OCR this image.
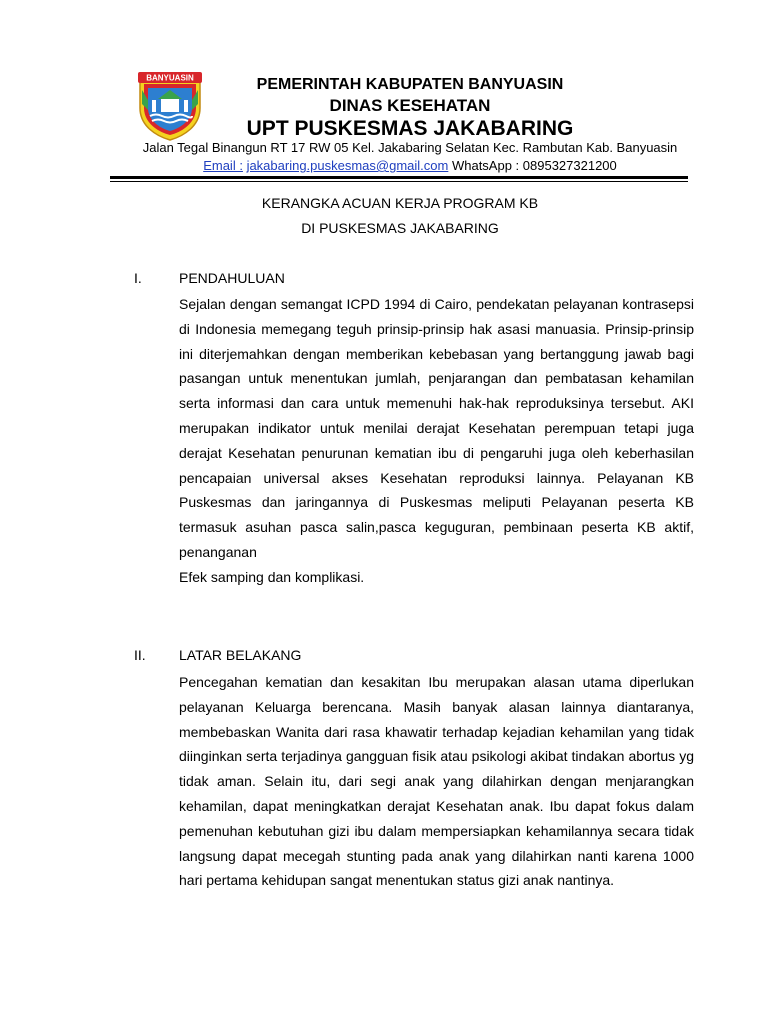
BANYUASIN	PEMERINTAH KABUPATEN BANYUASIN
DINAS KESEHATAN
UPT PUSKESMAS JAKABARING
Jalan Tegal Binangun RT 17 RW 05 Kel. Jakabaring Selatan Kec. Rambutan Kab. Banyuasin
Email : jakabaring.puskesmas@gmail.com WhatsApp : 0895327321200
KERANGKA ACUAN KERJA PROGRAM KB
DI PUSKESMAS JAKABARING
I.	PENDAHULUAN

Sejalan dengan semangat ICPD 1994 di Cairo, pendekatan pelayanan kontrasepsi di Indonesia memegang teguh prinsip-prinsip hak asasi manuasia. Prinsip-prinsip ini diterjemahkan dengan memberikan kebebasan yang bertanggung jawab bagi pasangan untuk menentukan jumlah, penjarangan dan pembatasan kehamilan serta informasi dan cara untuk memenuhi hak-hak reproduksinya tersebut. AKI merupakan indikator untuk menilai derajat Kesehatan perempuan tetapi juga derajat Kesehatan penurunan kematian ibu di pengaruhi juga oleh keberhasilan pencapaian universal akses Kesehatan reproduksi lainnya. Pelayanan KB Puskesmas dan jaringannya di Puskesmas meliputi Pelayanan peserta KB termasuk asuhan pasca salin,pasca keguguran, pembinaan peserta KB aktif, penanganan

Efek samping dan komplikasi.

II. LATAR BELAKANG

Pencegahan kematian dan kesakitan Ibu merupakan alasan utama diperlukan pelayanan Keluarga berencana. Masih banyak alasan lainnya diantaranya, membebaskan Wanita dari rasa khawatir terhadap kejadian kehamilan yang tidak diinginkan serta terjadinya gangguan fisik atau psikologi akibat tindakan abortus yg tidak aman. Selain itu, dari segi anak yang dilahirkan dengan menjarangkan kehamilan, dapat meningkatkan derajat Kesehatan anak. Ibu dapat fokus dalam pemenuhan kebutuhan gizi ibu dalam mempersiapkan kehamilannya secara tidak langsung dapat mecegah stunting pada anak yang dilahirkan nanti karena 1000 hari pertama kehidupan sangat menentukan status gizi anak nantinya.
